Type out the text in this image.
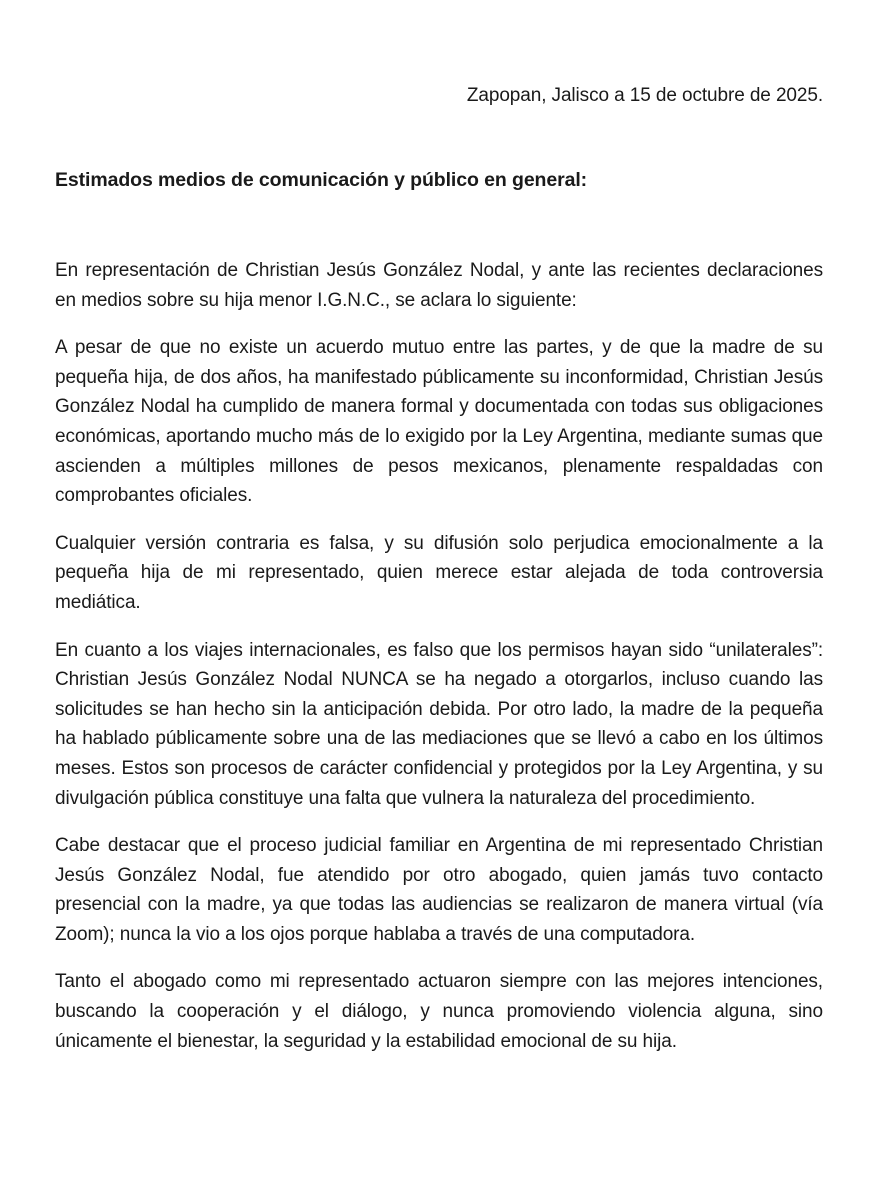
Zapopan, Jalisco a 15 de octubre de 2025.

Estimados medios de comunicación y público en general:

En representación de Christian Jesús González Nodal, y ante las recientes declaraciones en medios sobre su hija menor I.G.N.C., se aclara lo siguiente:

A pesar de que no existe un acuerdo mutuo entre las partes, y de que la madre de su pequeña hija, de dos años, ha manifestado públicamente su inconformidad, Christian Jesús González Nodal ha cumplido de manera formal y documentada con todas sus obligaciones económicas, aportando mucho más de lo exigido por la Ley Argentina, mediante sumas que ascienden a múltiples millones de pesos mexicanos, plenamente respaldadas con comprobantes oficiales.

Cualquier versión contraria es falsa, y su difusión solo perjudica emocionalmente a la pequeña hija de mi representado, quien merece estar alejada de toda controversia mediática.

En cuanto a los viajes internacionales, es falso que los permisos hayan sido “unilaterales”: Christian Jesús González Nodal NUNCA se ha negado a otorgarlos, incluso cuando las solicitudes se han hecho sin la anticipación debida. Por otro lado, la madre de la pequeña ha hablado públicamente sobre una de las mediaciones que se llevó a cabo en los últimos meses. Estos son procesos de carácter confidencial y protegidos por la Ley Argentina, y su divulgación pública constituye una falta que vulnera la naturaleza del procedimiento.

Cabe destacar que el proceso judicial familiar en Argentina de mi representado Christian Jesús González Nodal, fue atendido por otro abogado, quien jamás tuvo contacto presencial con la madre, ya que todas las audiencias se realizaron de manera virtual (vía Zoom); nunca la vio a los ojos porque hablaba a través de una computadora.

Tanto el abogado como mi representado actuaron siempre con las mejores intenciones, buscando la cooperación y el diálogo, y nunca promoviendo violencia alguna, sino únicamente el bienestar, la seguridad y la estabilidad emocional de su hija.
